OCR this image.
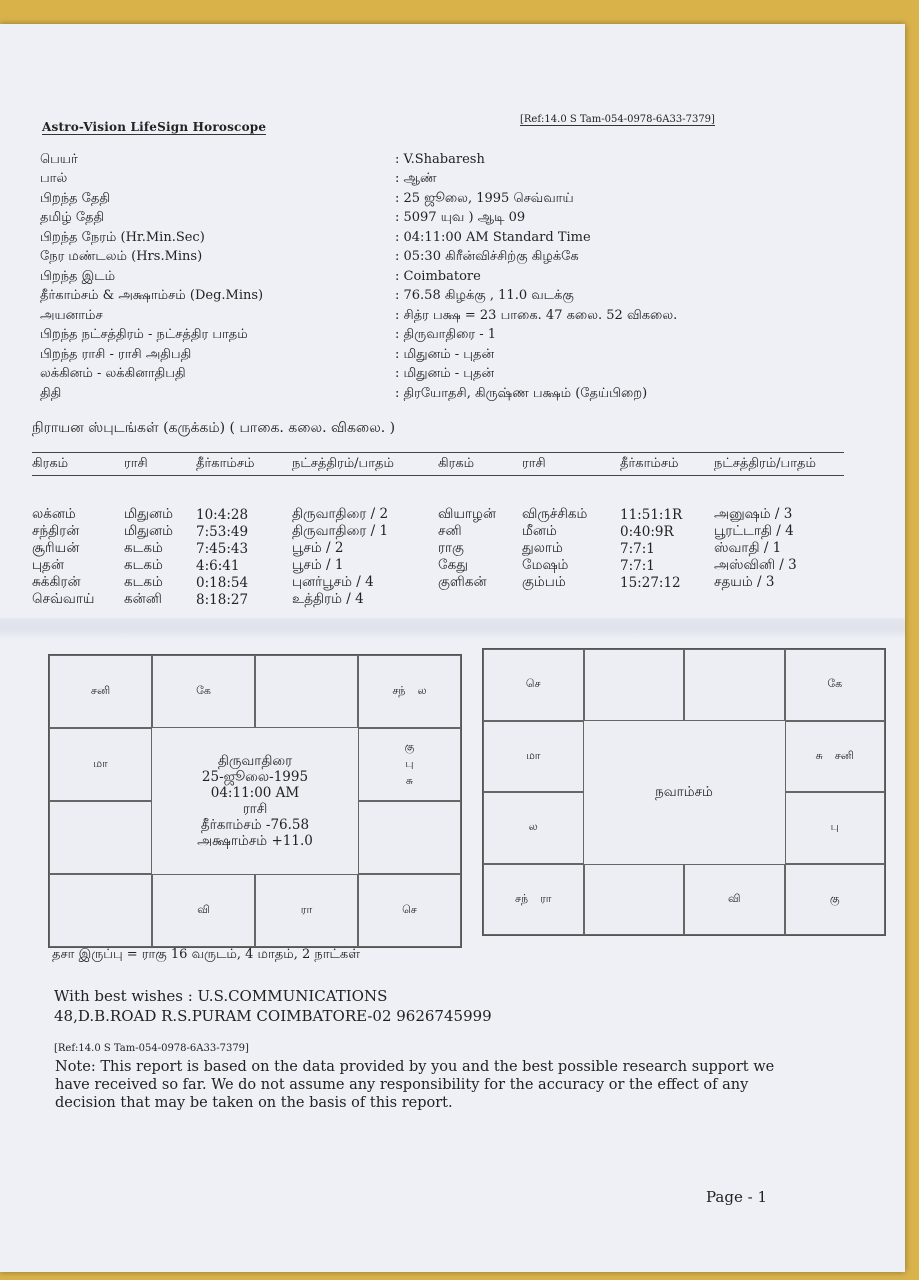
Astro-Vision LifeSign Horoscope
[Ref:14.0 S Tam-054-0978-6A33-7379]
பெயர்	: V.Shabaresh
பால்	: ஆண்
பிறந்த தேதி	: 25 ஜூலை, 1995 செவ்வாய்
தமிழ் தேதி	: 5097 யுவ ) ஆடி 09
பிறந்த நேரம் (Hr.Min.Sec)	: 04:11:00 AM Standard Time
நேர மண்டலம் (Hrs.Mins)	: 05:30 கிரீன்விச்சிற்கு கிழக்கே
பிறந்த இடம்	: Coimbatore
தீர்காம்சம் & அக்ஷாம்சம் (Deg.Mins)	: 76.58 கிழக்கு , 11.0 வடக்கு
அயனாம்ச	: சித்ர பக்ஷ = 23 பாகை. 47 கலை. 52 விகலை.
பிறந்த நட்சத்திரம் - நட்சத்திர பாதம்	: திருவாதிரை - 1
பிறந்த ராசி - ராசி அதிபதி	: மிதுனம் - புதன்
லக்கினம் - லக்கினாதிபதி	: மிதுனம் - புதன்
திதி	: திரயோதசி, கிருஷ்ண பக்ஷம் (தேய்பிறை)
நிராயன ஸ்புடங்கள் (கருக்கம்) ( பாகை. கலை. விகலை. )
கிரகம்	ராசி	தீர்காம்சம்	நட்சத்திரம்/பாதம்	கிரகம்	ராசி	தீர்காம்சம்	நட்சத்திரம்/பாதம்
லக்னம்	மிதுனம்	10:4:28	திருவாதிரை / 2	வியாழன்	விருச்சிகம்	11:51:1R	அனுஷம் / 3
சந்திரன்	மிதுனம்	7:53:49	திருவாதிரை / 1	சனி	மீனம்	0:40:9R	பூரட்டாதி / 4
சூரியன்	கடகம்	7:45:43	பூசம் / 2	ராகு	துலாம்	7:7:1	ஸ்வாதி / 1
புதன்	கடகம்	4:6:41	பூசம் / 1	கேது	மேஷம்	7:7:1	அஸ்வினி / 3
சுக்கிரன்	கடகம்	0:18:54	புனர்பூசம் / 4	குளிகன்	கும்பம்	15:27:12	சதயம் / 3
செவ்வாய்	கன்னி	8:18:27	உத்திரம் / 4
சனி	கே	சந் ல
மா
கு
பு
சு
வி	ரா	செ
திருவாதிரை
25-ஜூலை-1995
04:11:00 AM
ராசி
தீர்காம்சம் -76.58
அக்ஷாம்சம் +11.0
செ	கே
மா	சு சனி
ல	பு
சந் ரா	வி	கு
நவாம்சம்
தசா இருப்பு = ராகு 16 வருடம், 4 மாதம், 2 நாட்கள்
With best wishes : U.S.COMMUNICATIONS
48,D.B.ROAD R.S.PURAM COIMBATORE-02 9626745999
[Ref:14.0 S Tam-054-0978-6A33-7379]
Note: This report is based on the data provided by you and the best possible research support we have received so far. We do not assume any responsibility for the accuracy or the effect of any decision that may be taken on the basis of this report.
Page - 1
